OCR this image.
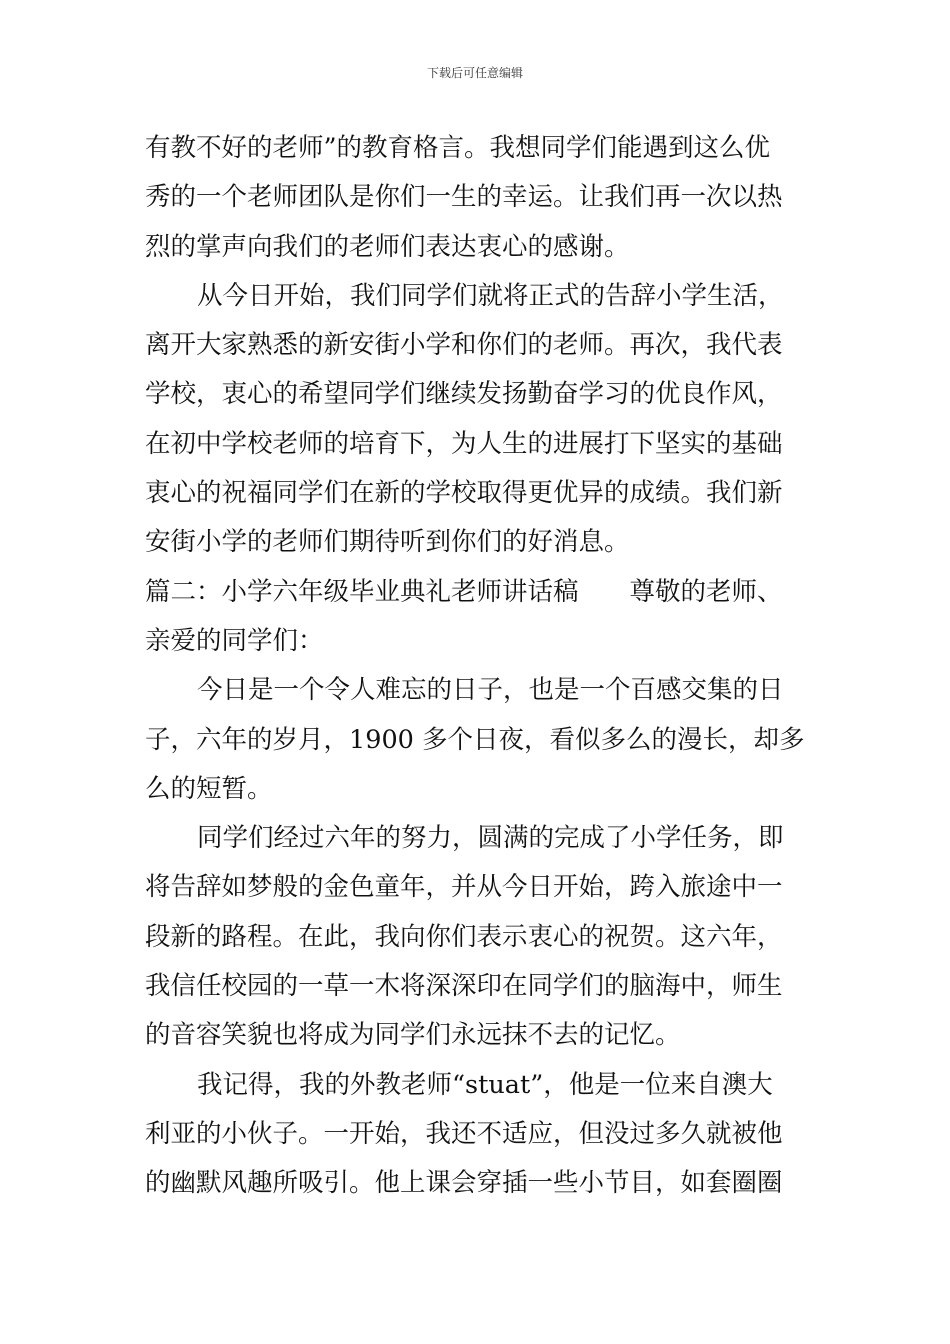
下载后可任意编辑
有教不好的老师”的教育格言。我想同学们能遇到这么优
秀的一个老师团队是你们一生的幸运。让我们再一次以热
烈的掌声向我们的老师们表达衷心的感谢。
从今日开始，我们同学们就将正式的告辞小学生活，
离开大家熟悉的新安街小学和你们的老师。再次，我代表
学校，衷心的希望同学们继续发扬勤奋学习的优良作风，
在初中学校老师的培育下，为人生的进展打下坚实的基础
衷心的祝福同学们在新的学校取得更优异的成绩。我们新
安街小学的老师们期待听到你们的好消息。
篇二：小学六年级毕业典礼老师讲话稿　　尊敬的老师、
亲爱的同学们：
今日是一个令人难忘的日子，也是一个百感交集的日
子，六年的岁月，1900 多个日夜，看似多么的漫长，却多
么的短暂。
同学们经过六年的努力，圆满的完成了小学任务，即
将告辞如梦般的金色童年，并从今日开始，跨入旅途中一
段新的路程。在此，我向你们表示衷心的祝贺。这六年，
我信任校园的一草一木将深深印在同学们的脑海中，师生
的音容笑貌也将成为同学们永远抹不去的记忆。
我记得，我的外教老师“stuat”，他是一位来自澳大
利亚的小伙子。一开始，我还不适应，但没过多久就被他
的幽默风趣所吸引。他上课会穿插一些小节目，如套圈圈
